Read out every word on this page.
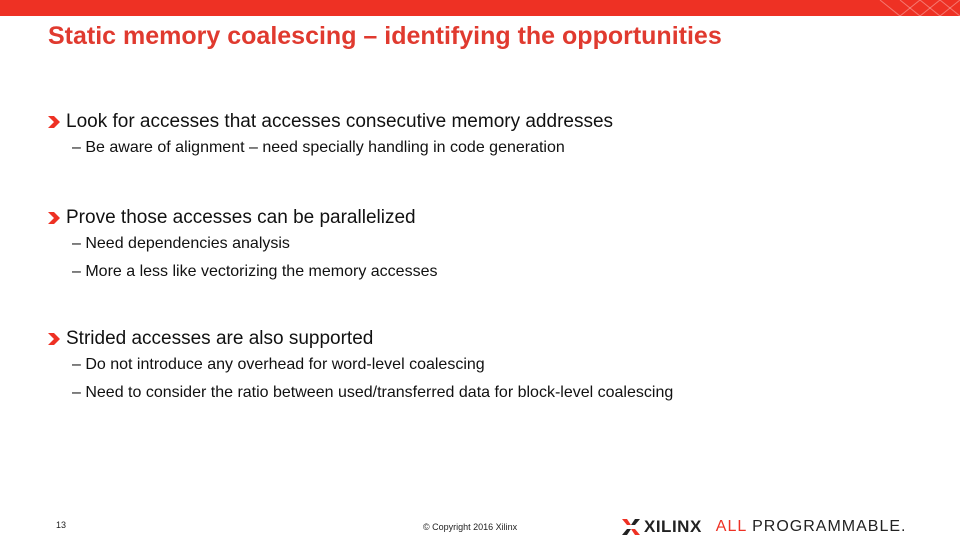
Static memory coalescing – identifying the opportunities
Look for accesses that accesses consecutive memory addresses
– Be aware of alignment – need specially handling in code generation
Prove those accesses can be parallelized
– Need dependencies analysis
– More a less like vectorizing the memory accesses
Strided accesses are also supported
– Do not introduce any overhead for word-level coalescing
– Need to consider the ratio between used/transferred data for block-level coalescing
13	© Copyright 2016 Xilinx	XILINX ALL PROGRAMMABLE.
